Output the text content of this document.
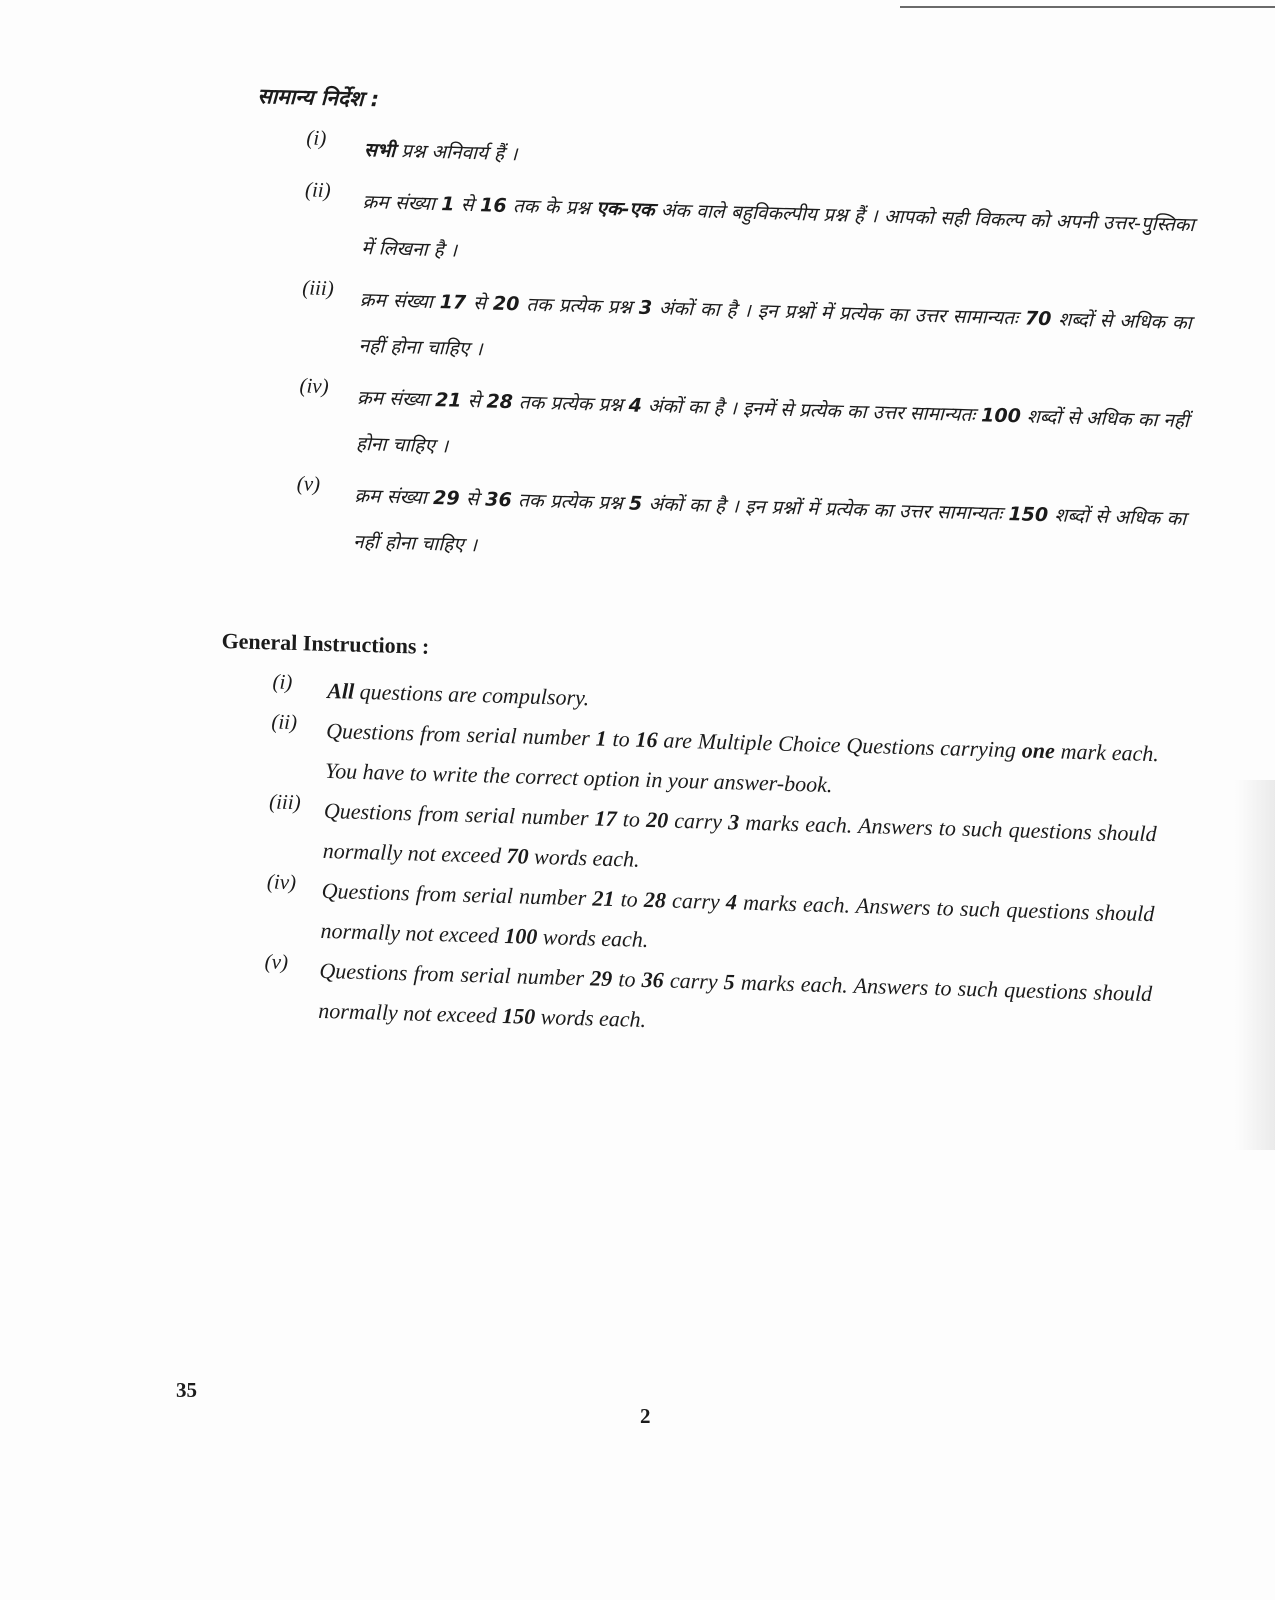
सामान्य निर्देश :
(i)
सभी प्रश्न अनिवार्य हैं ।
(ii)
क्रम संख्या 1 से 16 तक के प्रश्न एक-एक अंक वाले बहुविकल्पीय प्रश्न हैं । आपको सही विकल्प को अपनी उत्तर-पुस्तिका में लिखना है ।
(iii)
क्रम संख्या 17 से 20 तक प्रत्येक प्रश्न 3 अंकों का है । इन प्रश्नों में प्रत्येक का उत्तर सामान्यतः 70 शब्दों से अधिक का नहीं होना चाहिए ।
(iv)
क्रम संख्या 21 से 28 तक प्रत्येक प्रश्न 4 अंकों का है । इनमें से प्रत्येक का उत्तर सामान्यतः 100 शब्दों से अधिक का नहीं होना चाहिए ।
(v)
क्रम संख्या 29 से 36 तक प्रत्येक प्रश्न 5 अंकों का है । इन प्रश्नों में प्रत्येक का उत्तर सामान्यतः 150 शब्दों से अधिक का नहीं होना चाहिए ।
General Instructions :
(i)	All questions are compulsory.
(ii)	Questions from serial number 1 to 16 are Multiple Choice Questions carrying one mark each. You have to write the correct option in your answer-book.
(iii)	Questions from serial number 17 to 20 carry 3 marks each. Answers to such questions should normally not exceed 70 words each.
(iv)	Questions from serial number 21 to 28 carry 4 marks each. Answers to such questions should normally not exceed 100 words each.
(v)	Questions from serial number 29 to 36 carry 5 marks each. Answers to such questions should normally not exceed 150 words each.
35
2
